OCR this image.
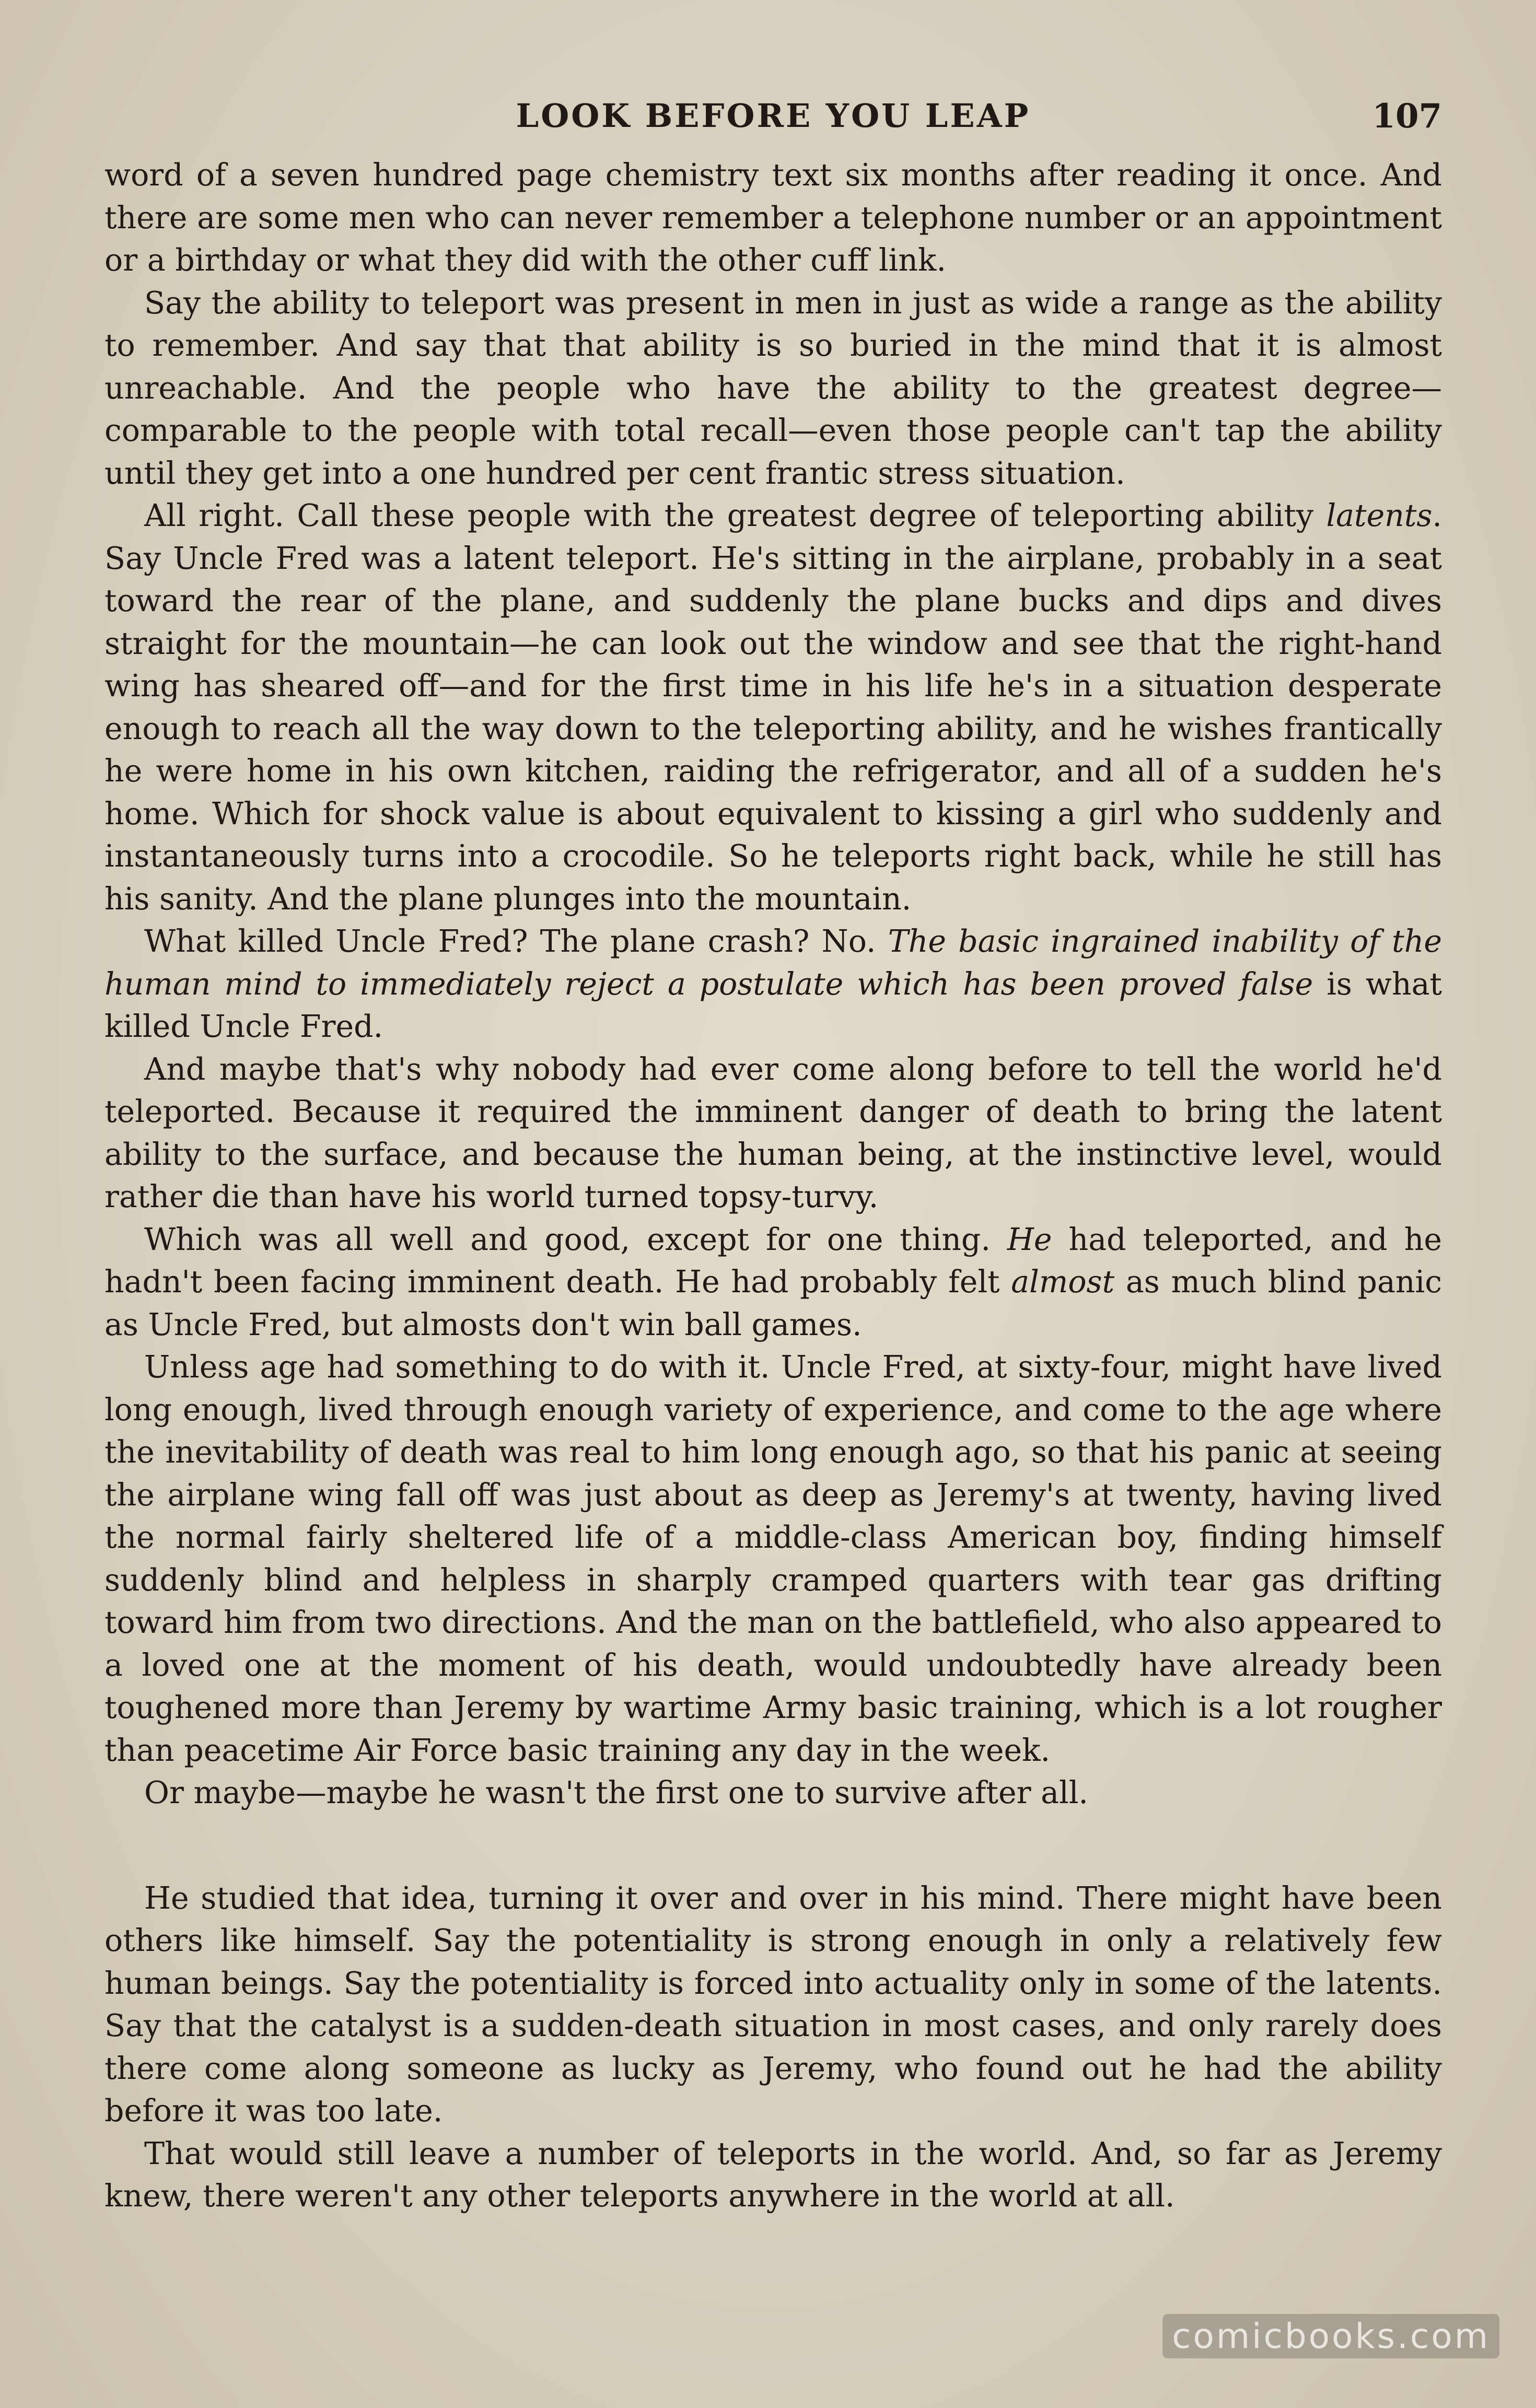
LOOK BEFORE YOU LEAP	107

word of a seven hundred page chemistry text six months after reading it once. And there are some men who can never remember a telephone number or an appointment or a birthday or what they did with the other cuff link.

Say the ability to teleport was present in men in just as wide a range as the ability to remember. And say that that ability is so buried in the mind that it is almost unreachable. And the people who have the ability to the greatest degree—comparable to the people with total recall—even those people can't tap the ability until they get into a one hundred per cent frantic stress situation.

All right. Call these people with the greatest degree of teleporting ability latents. Say Uncle Fred was a latent teleport. He's sitting in the airplane, probably in a seat toward the rear of the plane, and suddenly the plane bucks and dips and dives straight for the mountain—he can look out the window and see that the right-hand wing has sheared off—and for the first time in his life he's in a situation desperate enough to reach all the way down to the teleporting ability, and he wishes frantically he were home in his own kitchen, raiding the refrigerator, and all of a sudden he's home. Which for shock value is about equivalent to kissing a girl who suddenly and instantaneously turns into a crocodile. So he teleports right back, while he still has his sanity. And the plane plunges into the mountain.

What killed Uncle Fred? The plane crash? No. The basic ingrained inability of the human mind to immediately reject a postulate which has been proved false is what killed Uncle Fred.

And maybe that's why nobody had ever come along before to tell the world he'd teleported. Because it required the imminent danger of death to bring the latent ability to the surface, and because the human being, at the instinctive level, would rather die than have his world turned topsy-turvy.

Which was all well and good, except for one thing. He had teleported, and he hadn't been facing imminent death. He had probably felt almost as much blind panic as Uncle Fred, but almosts don't win ball games.

Unless age had something to do with it. Uncle Fred, at sixty-four, might have lived long enough, lived through enough variety of experience, and come to the age where the inevitability of death was real to him long enough ago, so that his panic at seeing the airplane wing fall off was just about as deep as Jeremy's at twenty, having lived the normal fairly sheltered life of a middle-class American boy, finding himself suddenly blind and helpless in sharply cramped quarters with tear gas drifting toward him from two directions. And the man on the battlefield, who also appeared to a loved one at the moment of his death, would undoubtedly have already been toughened more than Jeremy by wartime Army basic training, which is a lot rougher than peacetime Air Force basic training any day in the week.

Or maybe—maybe he wasn't the first one to survive after all.

He studied that idea, turning it over and over in his mind. There might have been others like himself. Say the potentiality is strong enough in only a relatively few human beings. Say the potentiality is forced into actuality only in some of the latents. Say that the catalyst is a sudden-death situation in most cases, and only rarely does there come along someone as lucky as Jeremy, who found out he had the ability before it was too late.

That would still leave a number of teleports in the world. And, so far as Jeremy knew, there weren't any other teleports anywhere in the world at all.

comicbooks.com
